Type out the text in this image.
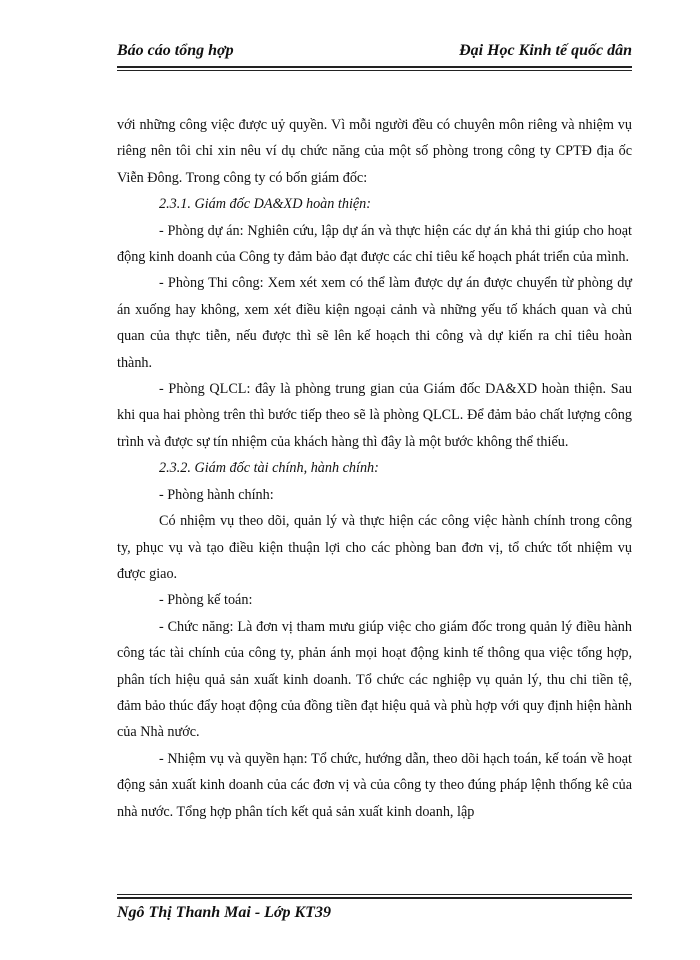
Báo cáo tổng hợp	Đại Học Kinh tế quốc dân

với những công việc được uỷ quyền. Vì mỗi người đều có chuyên môn riêng và nhiệm vụ riêng nên tôi chỉ xin nêu ví dụ chức năng của một số phòng trong công ty CPTĐ địa ốc Viễn Đông. Trong công ty có bốn giám đốc:

2.3.1. Giám đốc DA&XD hoàn thiện:

- Phòng dự án: Nghiên cứu, lập dự án và thực hiện các dự án khả thi giúp cho hoạt động kinh doanh của Công ty đảm bảo đạt được các chỉ tiêu kế hoạch phát triển của mình.

- Phòng Thi công: Xem xét xem có thể làm được dự án được chuyển từ phòng dự án xuống hay không, xem xét điều kiện ngoại cảnh và những yếu tố khách quan và chủ quan của thực tiễn, nếu được thì sẽ lên kế hoạch thi công và dự kiến ra chỉ tiêu hoàn thành.

- Phòng QLCL: đây là phòng trung gian của Giám đốc DA&XD hoàn thiện. Sau khi qua hai phòng trên thì bước tiếp theo sẽ là phòng QLCL. Để đảm bảo chất lượng công trình và được sự tín nhiệm của khách hàng thì đây là một bước không thể thiếu.

2.3.2. Giám đốc tài chính, hành chính:

- Phòng hành chính:

Có nhiệm vụ theo dõi, quản lý và thực hiện các công việc hành chính trong công ty, phục vụ và tạo điều kiện thuận lợi cho các phòng ban đơn vị, tổ chức tốt nhiệm vụ được giao.

- Phòng kế toán:

- Chức năng: Là đơn vị tham mưu giúp việc cho giám đốc trong quản lý điều hành công tác tài chính của công ty, phản ánh mọi hoạt động kinh tế thông qua việc tổng hợp, phân tích hiệu quả sản xuất kinh doanh. Tổ chức các nghiệp vụ quản lý, thu chi tiền tệ, đảm bảo thúc đẩy hoạt động của đồng tiền đạt hiệu quả và phù hợp với quy định hiện hành của Nhà nước.

- Nhiệm vụ và quyền hạn: Tổ chức, hướng dẫn, theo dõi hạch toán, kế toán về hoạt động sản xuất kinh doanh của các đơn vị và của công ty theo đúng pháp lệnh thống kê của nhà nước. Tổng hợp phân tích kết quả sản xuất kinh doanh, lập

Ngô Thị Thanh Mai - Lớp KT39
